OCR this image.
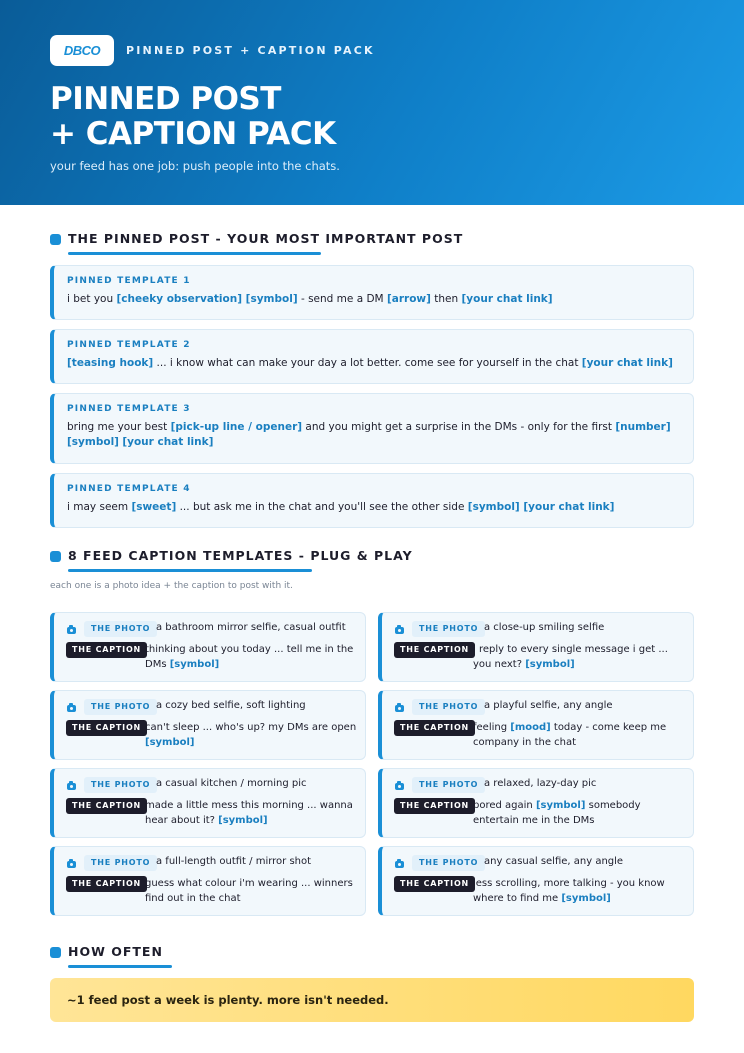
DBCO PINNED POST + CAPTION PACK
PINNED POST
+ CAPTION PACK
your feed has one job: push people into the chats.
THE PINNED POST - YOUR MOST IMPORTANT POST
PINNED TEMPLATE 1
i bet you [cheeky observation] [symbol] - send me a DM [arrow] then [your chat link]
PINNED TEMPLATE 2
[teasing hook] ... i know what can make your day a lot better. come see for yourself in the chat [your chat link]
PINNED TEMPLATE 3
bring me your best [pick-up line / opener] and you might get a surprise in the DMs - only for the first [number] [symbol] [your chat link]
PINNED TEMPLATE 4
i may seem [sweet] ... but ask me in the chat and you'll see the other side [symbol] [your chat link]
8 FEED CAPTION TEMPLATES - PLUG & PLAY
each one is a photo idea + the caption to post with it.
THE PHOTO a bathroom mirror selfie, casual outfit
THE CAPTION thinking about you today ... tell me in the DMs [symbol]
THE PHOTO a close-up smiling selfie
THE CAPTION i reply to every single message i get ... you next? [symbol]
THE PHOTO a cozy bed selfie, soft lighting
THE CAPTION can't sleep ... who's up? my DMs are open [symbol]
THE PHOTO a playful selfie, any angle
THE CAPTION feeling [mood] today - come keep me company in the chat
THE PHOTO a casual kitchen / morning pic
THE CAPTION made a little mess this morning ... wanna hear about it? [symbol]
THE PHOTO a relaxed, lazy-day pic
THE CAPTION bored again [symbol] somebody entertain me in the DMs
THE PHOTO a full-length outfit / mirror shot
THE CAPTION guess what colour i'm wearing ... winners find out in the chat
THE PHOTO any casual selfie, any angle
THE CAPTION less scrolling, more talking - you know where to find me [symbol]
HOW OFTEN
~1 feed post a week is plenty. more isn't needed.
